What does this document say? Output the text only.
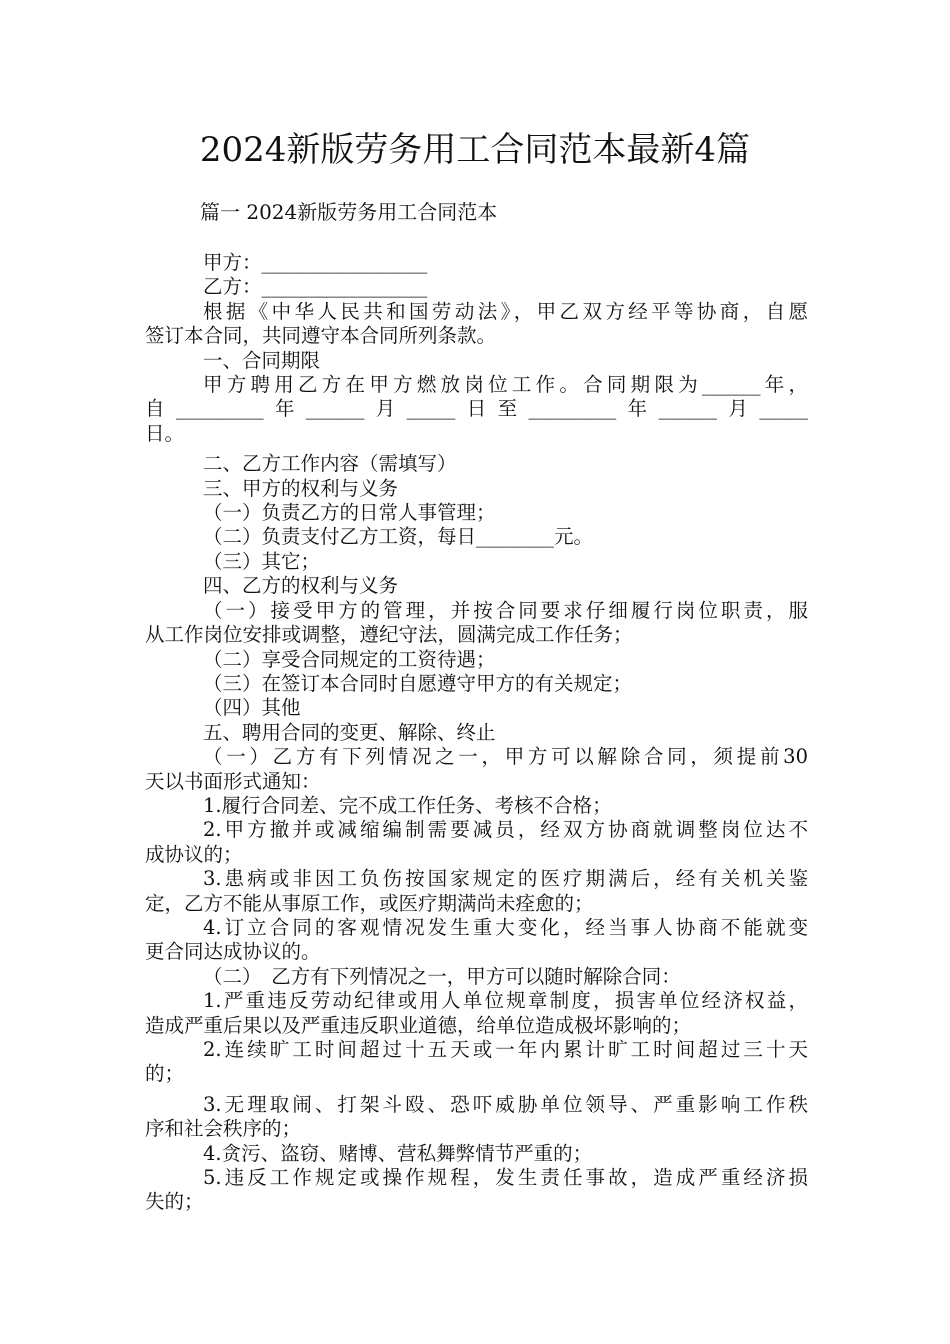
2024新版劳务用工合同范本最新4篇
篇一 2024新版劳务用工合同范本
甲方：_________________
乙方：_________________
根据《中华人民共和国劳动法》，甲乙双方经平等协商，自愿
签订本合同，共同遵守本合同所列条款。
一、合同期限
甲方聘用乙方在甲方燃放岗位工作。合同期限为______年，
自_________年______月_____日至_________年______月_____
日。
二、乙方工作内容（需填写）
三、甲方的权利与义务
（一）负责乙方的日常人事管理；
（二）负责支付乙方工资，每日________元。
（三）其它；
四、乙方的权利与义务
（一）接受甲方的管理，并按合同要求仔细履行岗位职责，服
从工作岗位安排或调整，遵纪守法，圆满完成工作任务；
（二）享受合同规定的工资待遇；
（三）在签订本合同时自愿遵守甲方的有关规定；
（四）其他
五、聘用合同的变更、解除、终止
（一）乙方有下列情况之一，甲方可以解除合同，须提前30
天以书面形式通知：
1.履行合同差、完不成工作任务、考核不合格；
2.甲方撤并或减缩编制需要减员，经双方协商就调整岗位达不
成协议的；
3.患病或非因工负伤按国家规定的医疗期满后，经有关机关鉴
定，乙方不能从事原工作，或医疗期满尚未痊愈的；
4.订立合同的客观情况发生重大变化，经当事人协商不能就变
更合同达成协议的。
（二）　乙方有下列情况之一，甲方可以随时解除合同：
1.严重违反劳动纪律或用人单位规章制度，损害单位经济权益，
造成严重后果以及严重违反职业道德，给单位造成极坏影响的；
2.连续旷工时间超过十五天或一年内累计旷工时间超过三十天
的；
3.无理取闹、打架斗殴、恐吓威胁单位领导、严重影响工作秩
序和社会秩序的；
4.贪污、盗窃、赌博、营私舞弊情节严重的；
5.违反工作规定或操作规程，发生责任事故，造成严重经济损
失的；
